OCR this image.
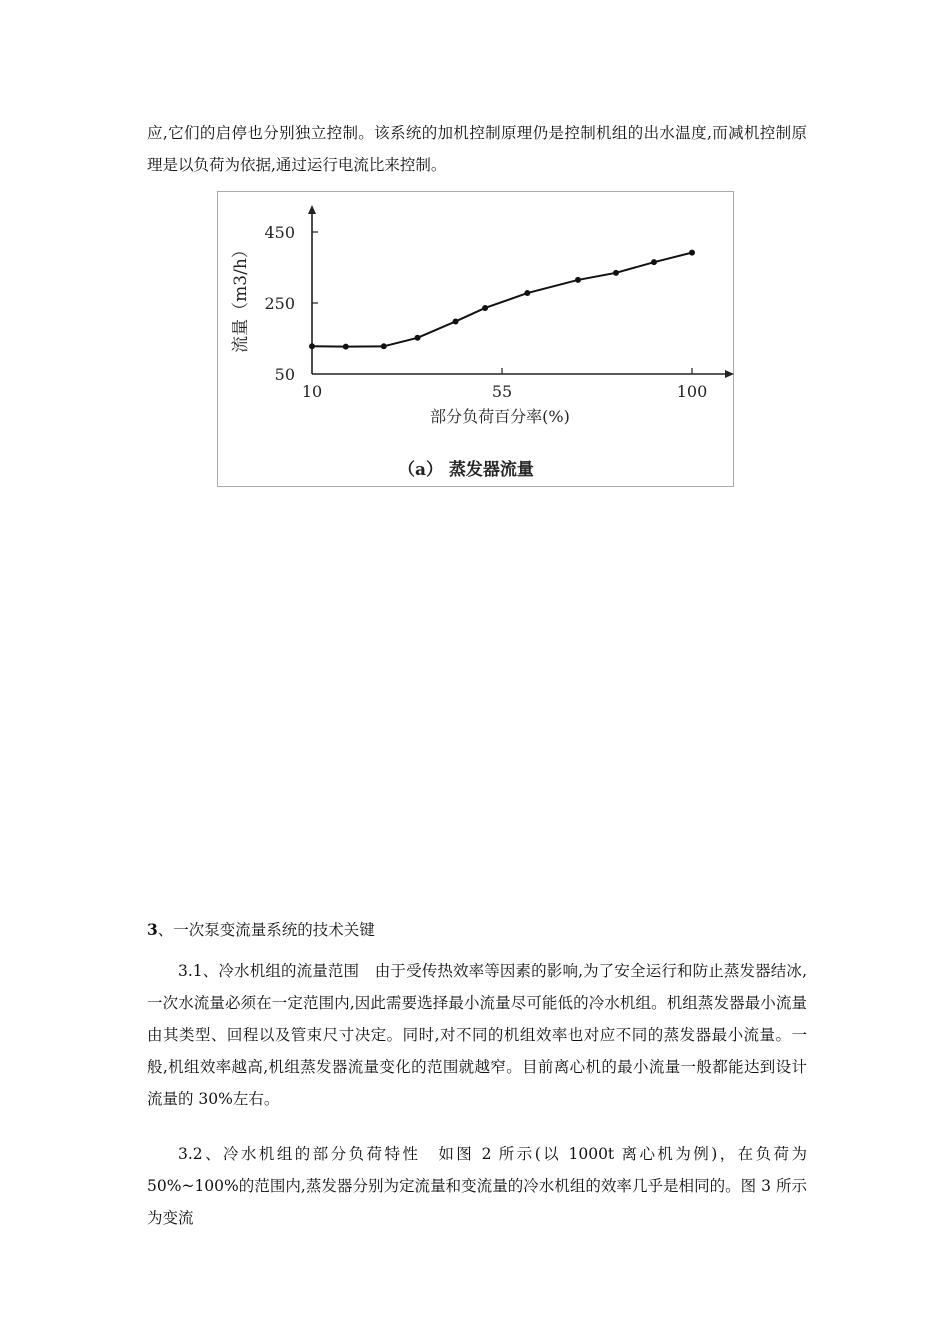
应,它们的启停也分别独立控制。该系统的加机控制原理仍是控制机组的出水温度,而减机控制原理是以负荷为依据,通过运行电流比来控制。

10	55	100
50
250
450
流量（m3/h）
部分负荷百分率(%)
（a） 蒸发器流量

3、一次泵变流量系统的技术关键

3.1、冷水机组的流量范围　由于受传热效率等因素的影响,为了安全运行和防止蒸发器结冰,一次水流量必须在一定范围内,因此需要选择最小流量尽可能低的冷水机组。机组蒸发器最小流量由其类型、回程以及管束尺寸决定。同时,对不同的机组效率也对应不同的蒸发器最小流量。一般,机组效率越高,机组蒸发器流量变化的范围就越窄。目前离心机的最小流量一般都能达到设计流量的 30%左右。

3.2、冷水机组的部分负荷特性　如图 2 所示(以 1000t 离心机为例)，在负荷为 50%~100%的范围内,蒸发器分别为定流量和变流量的冷水机组的效率几乎是相同的。图 3 所示为变流
